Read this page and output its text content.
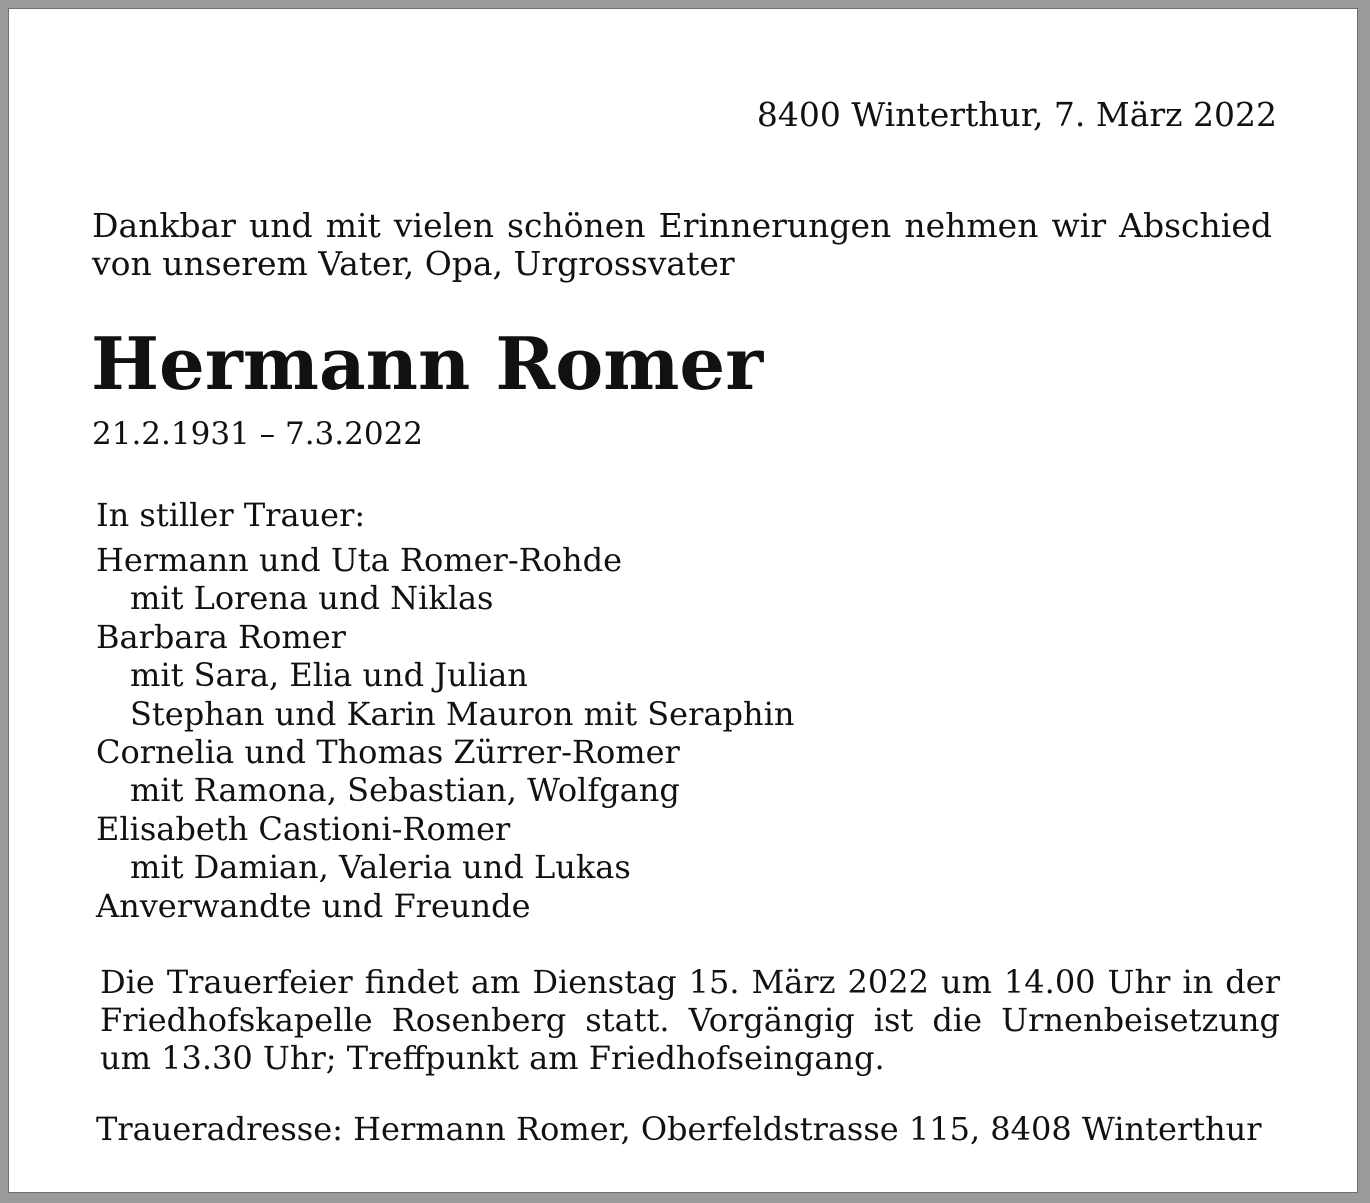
8400 Winterthur, 7. März 2022
Dankbar und mit vielen schönen Erinnerungen nehmen wir Abschied von unserem Vater, Opa, Urgrossvater
Hermann Romer
21.2.1931 – 7.3.2022
In stiller Trauer:
Hermann und Uta Romer-Rohde
mit Lorena und Niklas
Barbara Romer
mit Sara, Elia und Julian
Stephan und Karin Mauron mit Seraphin
Cornelia und Thomas Zürrer-Romer
mit Ramona, Sebastian, Wolfgang
Elisabeth Castioni-Romer
mit Damian, Valeria und Lukas
Anverwandte und Freunde
Die Trauerfeier findet am Dienstag 15. März 2022 um 14.00 Uhr in der Friedhofskapelle Rosenberg statt. Vorgängig ist die Urnenbeisetzung um 13.30 Uhr; Treffpunkt am Friedhofseingang.
Traueradresse: Hermann Romer, Oberfeldstrasse 115, 8408 Winterthur
